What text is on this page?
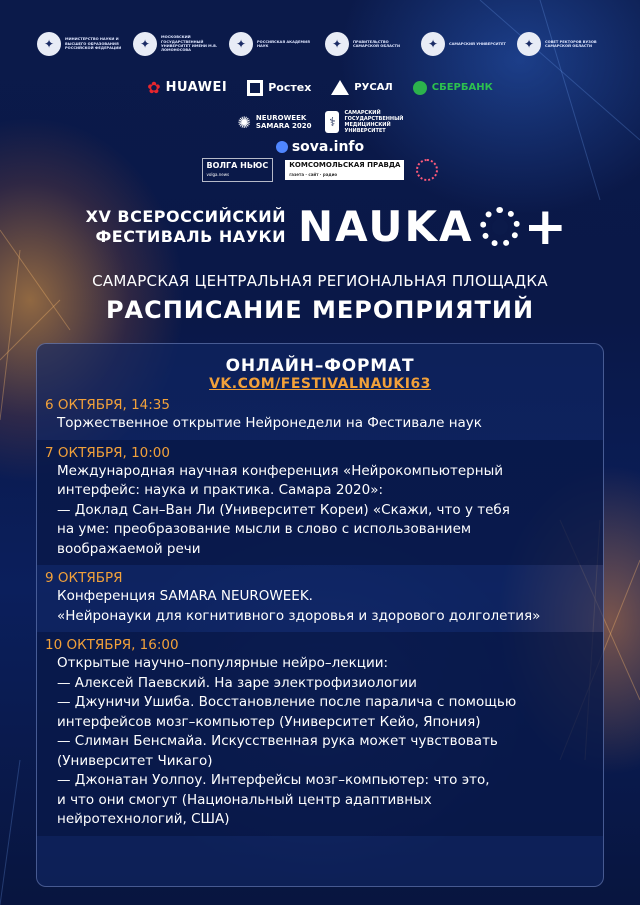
✦	МИНИСТЕРСТВО НАУКИ И ВЫСШЕГО ОБРАЗОВАНИЯ РОССИЙСКОЙ ФЕДЕРАЦИИ	✦	МОСКОВСКИЙ ГОСУДАРСТВЕННЫЙ УНИВЕРСИТЕТ ИМЕНИ М.В. ЛОМОНОСОВА	✦	РОССИЙСКАЯ АКАДЕМИЯ НАУК	✦	ПРАВИТЕЛЬСТВО САМАРСКОЙ ОБЛАСТИ	✦	САМАРСКИЙ УНИВЕРСИТЕТ	✦	СОВЕТ РЕКТОРОВ ВУЗОВ САМАРСКОЙ ОБЛАСТИ
✿ HUAWEI	Ростех	РУСАЛ	СБЕРБАНК
✺ NEUROWEEK
SAMARA 2020	⚕
САМАРСКИЙ ГОСУДАРСТВЕННЫЙ МЕДИЦИНСКИЙ УНИВЕРСИТЕТ
sova.info
ВОЛГА НЬЮС
volga.news
КОМСОМОЛЬСКАЯ ПРАВДА
газета · сайт · радио
XV ВСЕРОССИЙСКИЙ
ФЕСТИВАЛЬ НАУКИ NAUKA +
САМАРСКАЯ ЦЕНТРАЛЬНАЯ РЕГИОНАЛЬНАЯ ПЛОЩАДКА
РАСПИСАНИЕ МЕРОПРИЯТИЙ
ОНЛАЙН–ФОРМАТ
VK.COM/FESTIVALNAUKI63
6 ОКТЯБРЯ, 14:35
Торжественное открытие Нейронедели на Фестивале наук
7 ОКТЯБРЯ, 10:00
Международная научная конференция «Нейрокомпьютерный
интерфейс: наука и практика. Самара 2020»:
— Доклад Сан–Ван Ли (Университет Кореи) «Скажи, что у тебя
на уме: преобразование мысли в слово с использованием
воображаемой речи
9 ОКТЯБРЯ
Конференция SAMARA NEUROWEEK.
«Нейронауки для когнитивного здоровья и здорового долголетия»
10 ОКТЯБРЯ, 16:00
Открытые научно–популярные нейро–лекции:
— Алексей Паевский. На заре электрофизиологии
— Джуничи Ушиба. Восстановление после паралича с помощью
интерфейсов мозг–компьютер (Университет Кейо, Япония)
— Слиман Бенсмайа. Искусственная рука может чувствовать
(Университет Чикаго)
— Джонатан Уолпоу. Интерфейсы мозг–компьютер: что это,
и что они смогут (Национальный центр адаптивных
нейротехнологий, США)
